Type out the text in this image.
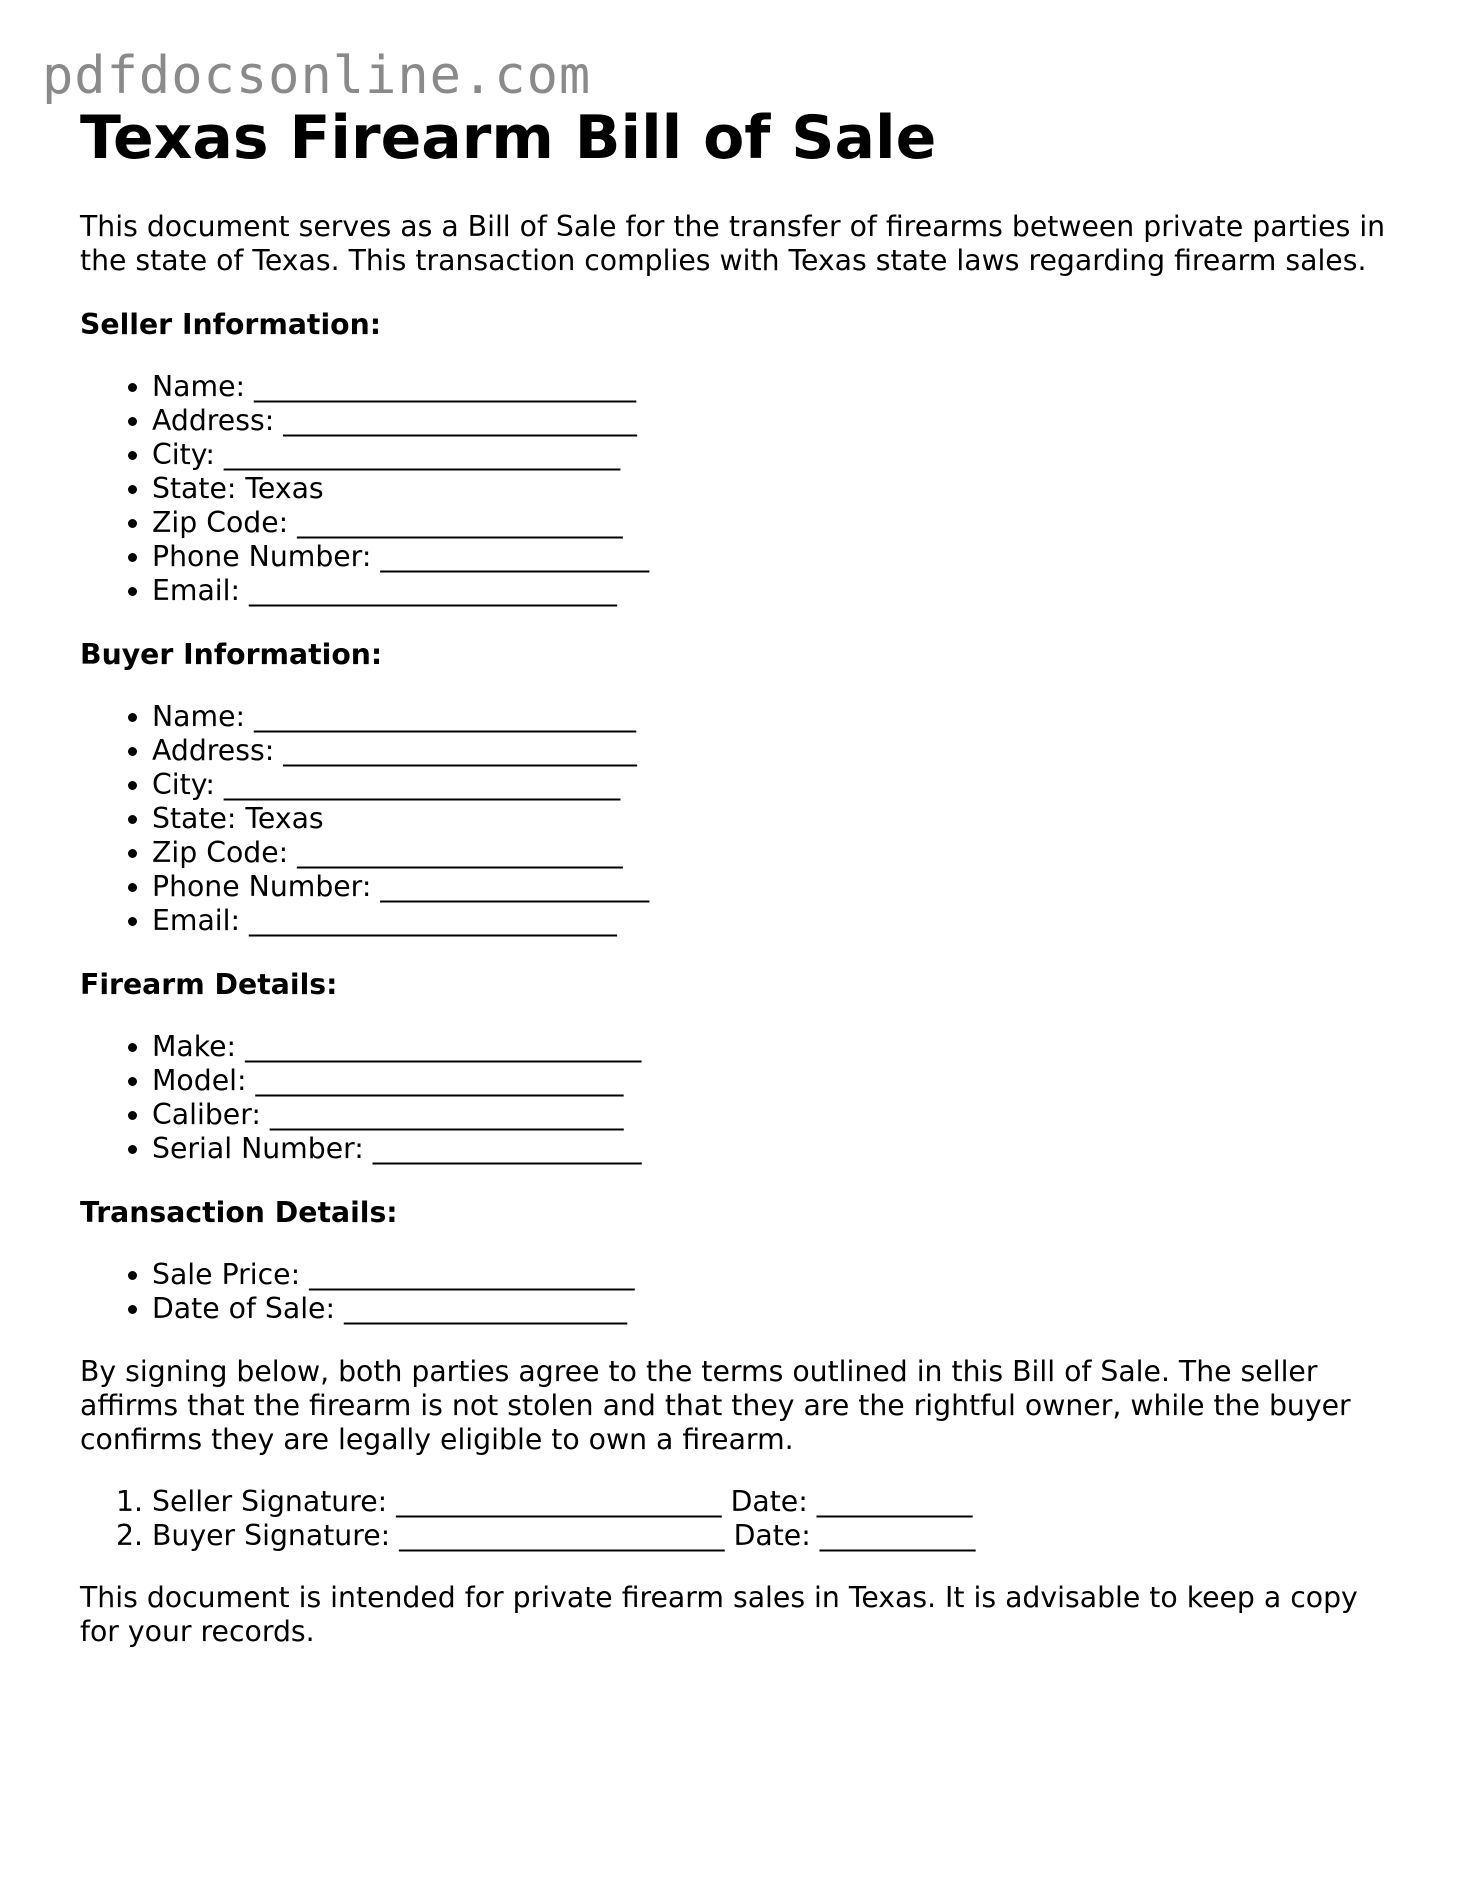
pdfdocsonline.com
Texas Firearm Bill of Sale

This document serves as a Bill of Sale for the transfer of firearms between private parties in the state of Texas. This transaction complies with Texas state laws regarding firearm sales.

Seller Information:
• Name: ___________________________
• Address: _________________________
• City: ____________________________
• State: Texas
• Zip Code: _______________________
• Phone Number: ___________________
• Email: __________________________
Buyer Information:
• Name: ___________________________
• Address: _________________________
• City: ____________________________
• State: Texas
• Zip Code: _______________________
• Phone Number: ___________________
• Email: __________________________
Firearm Details:
• Make: ____________________________
• Model: __________________________
• Caliber: _________________________
• Serial Number: ___________________
Transaction Details:
• Sale Price: _______________________
• Date of Sale: ____________________

By signing below, both parties agree to the terms outlined in this Bill of Sale. The seller affirms that the firearm is not stolen and that they are the rightful owner, while the buyer confirms they are legally eligible to own a firearm.

1. Seller Signature: _______________________ Date: ___________
2. Buyer Signature: _______________________ Date: ___________

This document is intended for private firearm sales in Texas. It is advisable to keep a copy for your records.
